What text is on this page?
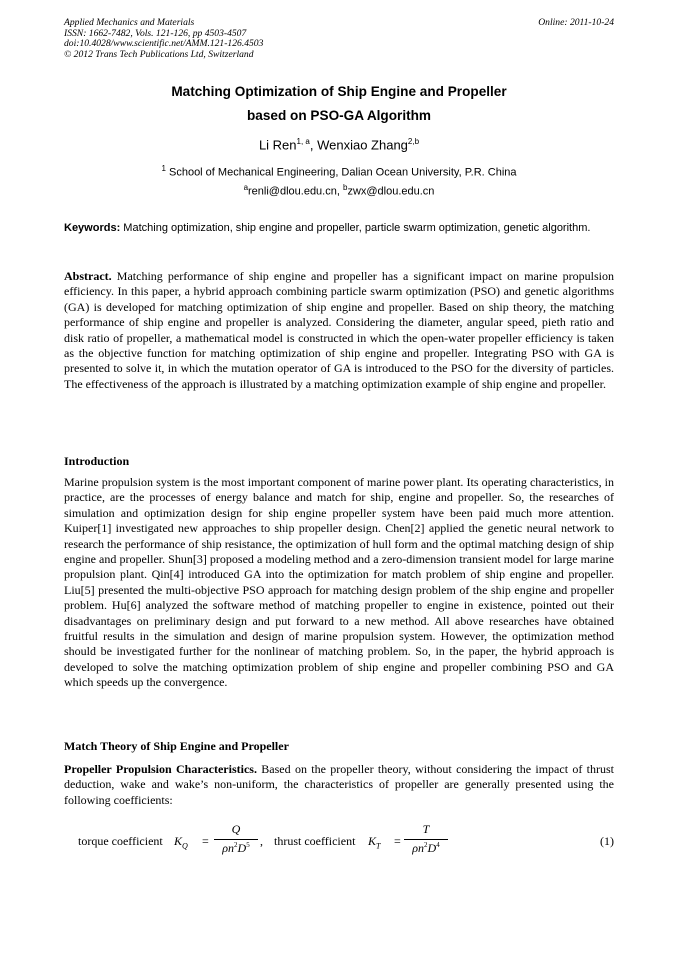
Applied Mechanics and Materials
ISSN: 1662-7482, Vols. 121-126, pp 4503-4507
doi:10.4028/www.scientific.net/AMM.121-126.4503
© 2012 Trans Tech Publications Ltd, Switzerland
Online: 2011-10-24
Matching Optimization of Ship Engine and Propeller
based on PSO-GA Algorithm
Li Ren$^{1, a}$, Wenxiao Zhang$^{2,b}$
$^1$ School of Mechanical Engineering, Dalian Ocean University, P.R. China
$^a$renli@dlou.edu.cn, $^b$zwx@dlou.edu.cn
Keywords: Matching optimization, ship engine and propeller, particle swarm optimization, genetic algorithm.
Abstract. Matching performance of ship engine and propeller has a significant impact on marine propulsion efficiency. In this paper, a hybrid approach combining particle swarm optimization (PSO) and genetic algorithms (GA) is developed for matching optimization of ship engine and propeller. Based on ship theory, the matching performance of ship engine and propeller is analyzed. Considering the diameter, angular speed, pieth ratio and disk ratio of propeller, a mathematical model is constructed in which the open-water propeller efficiency is taken as the objective function for matching optimization of ship engine and propeller. Integrating PSO with GA is presented to solve it, in which the mutation operator of GA is introduced to the PSO for the diversity of particles. The effectiveness of the approach is illustrated by a matching optimization example of ship engine and propeller.
Introduction
Marine propulsion system is the most important component of marine power plant. Its operating characteristics, in practice, are the processes of energy balance and match for ship, engine and propeller. So, the researches of simulation and optimization design for ship engine propeller system have been paid much more attention. Kuiper[1] investigated new approaches to ship propeller design. Chen[2] applied the genetic neural network to research the performance of ship resistance, the optimization of hull form and the optimal matching design of ship engine and propeller. Shun[3] proposed a modeling method and a zero-dimension transient model for large marine propulsion plant. Qin[4] introduced GA into the optimization for match problem of ship engine and propeller. Liu[5] presented the multi-objective PSO approach for matching design problem of the ship engine and propeller problem. Hu[6] analyzed the software method of matching propeller to engine in existence, pointed out their disadvantages on preliminary design and put forward to a new method. All above researches have obtained fruitful results in the simulation and design of marine propulsion system. However, the optimization method should be investigated further for the nonlinear of matching problem. So, in the paper, the hybrid approach is developed to solve the matching optimization problem of ship engine and propeller combining PSO and GA which speeds up the convergence.
Match Theory of Ship Engine and Propeller
Propeller Propulsion Characteristics. Based on the propeller theory, without considering the impact of thrust deduction, wake and wake’s non-uniform, the characteristics of propeller are generally presented using the following coefficients:
torque coefficient $K_Q$ =
Q
$\rho n^2D^5$ , thrust coefficient $K_T$ =
T
$\rho n^2D^4$	(1)
